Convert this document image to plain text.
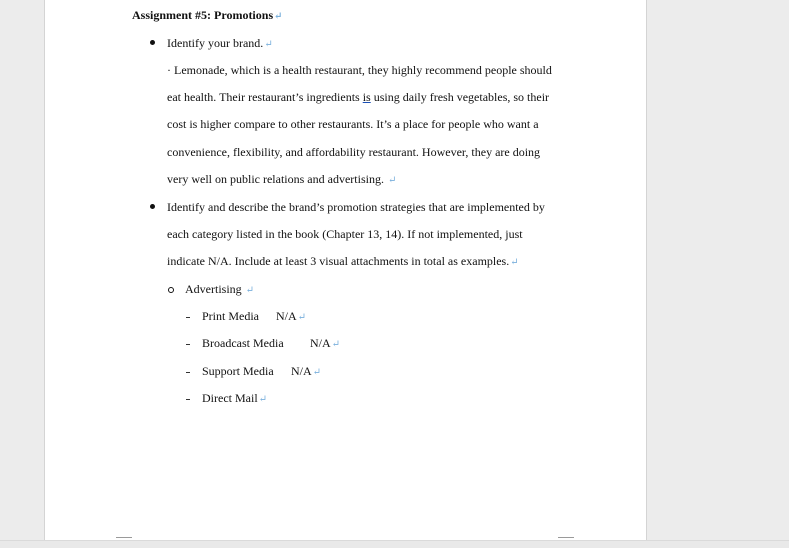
Assignment #5: Promotions↵
Identify your brand.↵
· Lemonade, which is a health restaurant, they highly recommend people should
eat health. Their restaurant’s ingredients is using daily fresh vegetables, so their
cost is higher compare to other restaurants. It’s a place for people who want a
convenience, flexibility, and affordability restaurant. However, they are doing
very well on public relations and advertising. ↵
Identify and describe the brand’s promotion strategies that are implemented by
each category listed in the book (Chapter 13, 14). If not implemented, just
indicate N/A. Include at least 3 visual attachments in total as examples.↵
Advertising ↵
Print Media N/A↵
Broadcast Media N/A↵
Support Media N/A↵
Direct Mail↵
